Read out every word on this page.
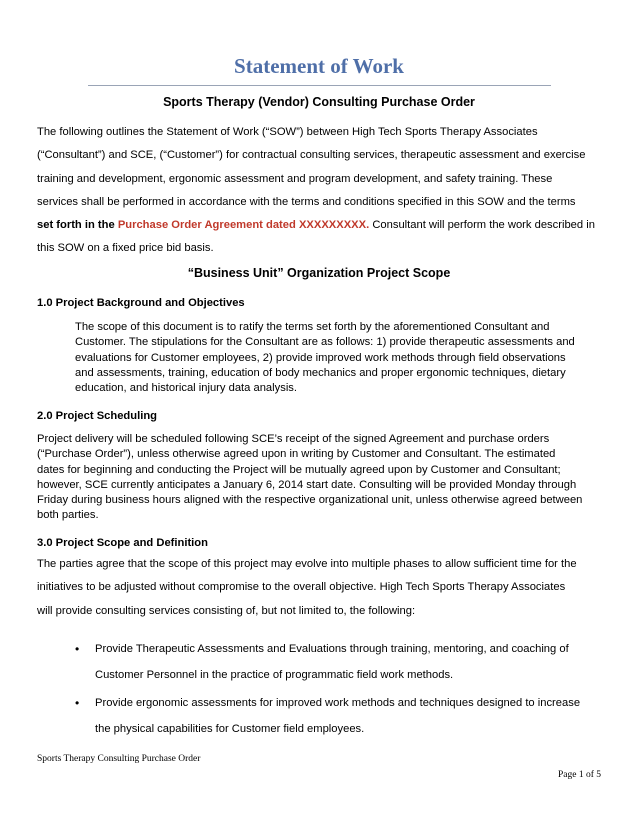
Statement of Work
Sports Therapy (Vendor) Consulting Purchase Order
The following outlines the Statement of Work (“SOW”) between High Tech Sports Therapy Associates
(“Consultant”) and SCE, (“Customer”) for contractual consulting services, therapeutic assessment and exercise
training and development, ergonomic assessment and program development, and safety training. These
services shall be performed in accordance with the terms and conditions specified in this SOW and the terms
set forth in the Purchase Order Agreement dated XXXXXXXXX. Consultant will perform the work described in
this SOW on a fixed price bid basis.
“Business Unit” Organization Project Scope
1.0 Project Background and Objectives
The scope of this document is to ratify the terms set forth by the aforementioned Consultant and
Customer. The stipulations for the Consultant are as follows: 1) provide therapeutic assessments and
evaluations for Customer employees, 2) provide improved work methods through field observations
and assessments, training, education of body mechanics and proper ergonomic techniques, dietary
education, and historical injury data analysis.
2.0 Project Scheduling
Project delivery will be scheduled following SCE’s receipt of the signed Agreement and purchase orders
(“Purchase Order”), unless otherwise agreed upon in writing by Customer and Consultant. The estimated
dates for beginning and conducting the Project will be mutually agreed upon by Customer and Consultant;
however, SCE currently anticipates a January 6, 2014 start date. Consulting will be provided Monday through
Friday during business hours aligned with the respective organizational unit, unless otherwise agreed between
both parties.
3.0 Project Scope and Definition
The parties agree that the scope of this project may evolve into multiple phases to allow sufficient time for the
initiatives to be adjusted without compromise to the overall objective. High Tech Sports Therapy Associates
will provide consulting services consisting of, but not limited to, the following:
• Provide Therapeutic Assessments and Evaluations through training, mentoring, and coaching of
Customer Personnel in the practice of programmatic field work methods.
• Provide ergonomic assessments for improved work methods and techniques designed to increase
the physical capabilities for Customer field employees.
Sports Therapy Consulting Purchase Order
Page 1 of 5
